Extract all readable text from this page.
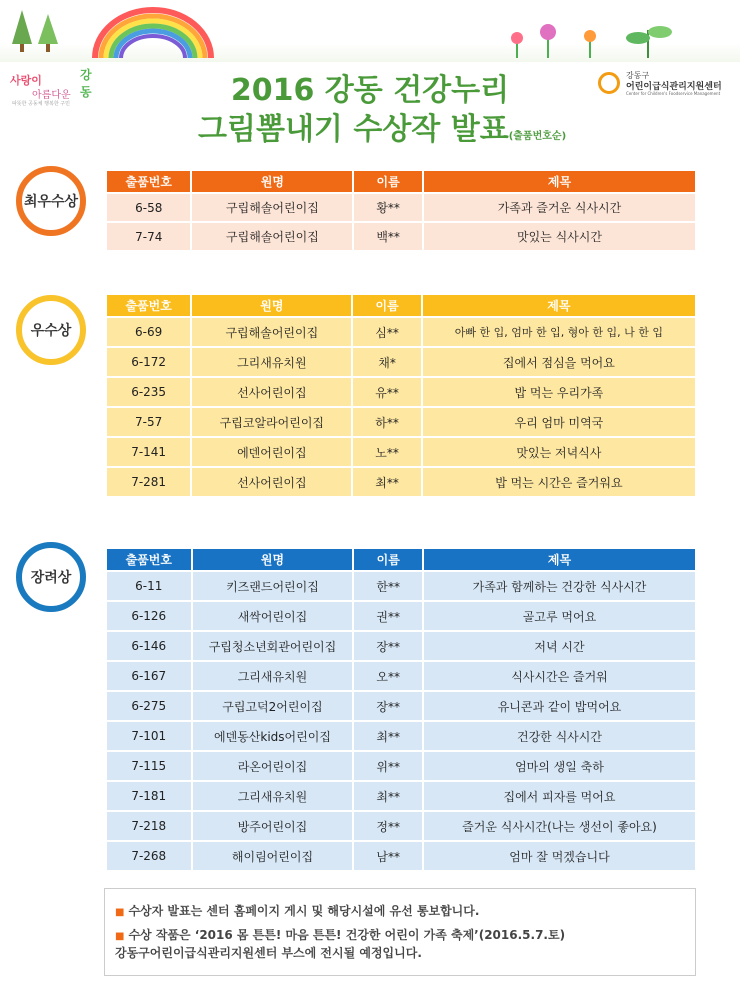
사랑이
아름다운
강동
따뜻한 공동체 행복한 구민
강동구
어린이급식관리지원센터
Center for Children's Foodservice Management
2016 강동 건강누리
그림뽐내기 수상작 발표(출품번호순)
최우수상
출품번호	원명	이름	제목
6-58	구립해솔어린이집	황**	가족과 즐거운 식사시간
7-74	구립해솔어린이집	백**	맛있는 식사시간
우수상
출품번호	원명	이름	제목
6-69	구립해솔어린이집	심**	아빠 한 입, 엄마 한 입, 형아 한 입, 나 한 입
6-172	그리새유치원	채*	집에서 점심을 먹어요
6-235	선사어린이집	유**	밥 먹는 우리가족
7-57	구립코알라어린이집	하**	우리 엄마 미역국
7-141	에덴어린이집	노**	맛있는 저녁식사
7-281	선사어린이집	최**	밥 먹는 시간은 즐거워요
장려상
출품번호	원명	이름	제목
6-11	키즈랜드어린이집	한**	가족과 함께하는 건강한 식사시간
6-126	새싹어린이집	권**	골고루 먹어요
6-146	구립청소년회관어린이집	장**	저녁 시간
6-167	그리새유치원	오**	식사시간은 즐거워
6-275	구립고덕2어린이집	장**	유니콘과 같이 밥먹어요
7-101	에덴동산kids어린이집	최**	건강한 식사시간
7-115	라온어린이집	위**	엄마의 생일 축하
7-181	그리새유치원	최**	집에서 피자를 먹어요
7-218	방주어린이집	정**	즐거운 식사시간(나는 생선이 좋아요)
7-268	해이림어린이집	남**	엄마 잘 먹겠습니다

■ 수상자 발표는 센터 홈페이지 게시 및 해당시설에 유선 통보합니다.

■ 수상 작품은 ‘2016 몸 튼튼! 마음 튼튼! 건강한 어린이 가족 축제’(2016.5.7.토)
강동구어린이급식관리지원센터 부스에 전시될 예정입니다.
